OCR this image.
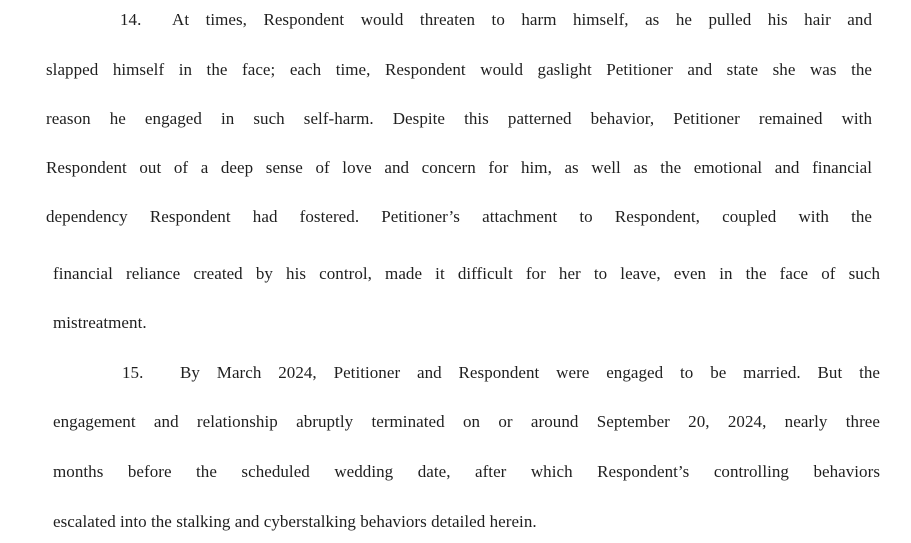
14. At times, Respondent would threaten to harm himself, as he pulled his hair and
slapped himself in the face; each time, Respondent would gaslight Petitioner and state she was the
reason he engaged in such self-harm. Despite this patterned behavior, Petitioner remained with
Respondent out of a deep sense of love and concern for him, as well as the emotional and financial
dependency Respondent had fostered. Petitioner’s attachment to Respondent, coupled with the
financial reliance created by his control, made it difficult for her to leave, even in the face of such
mistreatment.
15. By March 2024, Petitioner and Respondent were engaged to be married. But the
engagement and relationship abruptly terminated on or around September 20, 2024, nearly three
months before the scheduled wedding date, after which Respondent’s controlling behaviors
escalated into the stalking and cyberstalking behaviors detailed herein.
